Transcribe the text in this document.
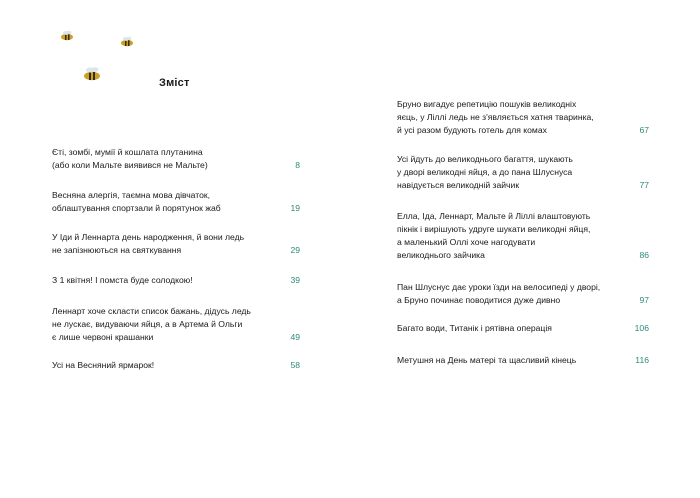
Зміст
Єті, зомбі, мумії й кошлата плутанина
(або коли Мальте виявився не Мальте)	8
Весняна алергія, таємна мова дівчаток,
облаштування спортзали й порятунок жаб	19
У Іди й Леннарта день народження, й вони ледь
не запізнюються на святкування	29
З 1 квітня! І помста буде солодкою!	39
Леннарт хоче скласти список бажань, дідусь ледь
не лускає, видуваючи яйця, а в Артема й Ольги
є лише червоні крашанки	49
Усі на Весняний ярмарок!	58
Бруно вигадує репетицію пошуків великодніх
яєць, у Ліллі ледь не з'являється хатня тваринка,
й усі разом будують готель для комах	67
Усі йдуть до великоднього багаття, шукають
у дворі великодні яйця, а до пана Шлуснуса
навідується великодній зайчик	77
Елла, Іда, Леннарт, Мальте й Ліллі влаштовують
пікнік і вирішують удруге шукати великодні яйця,
а маленький Оллі хоче нагодувати
великоднього зайчика	86
Пан Шлуснус дає уроки їзди на велосипеді у дворі,
а Бруно починає поводитися дуже дивно	97
Багато води, Титанік і рятівна операція	106
Метушня на День матері та щасливий кінець	116
